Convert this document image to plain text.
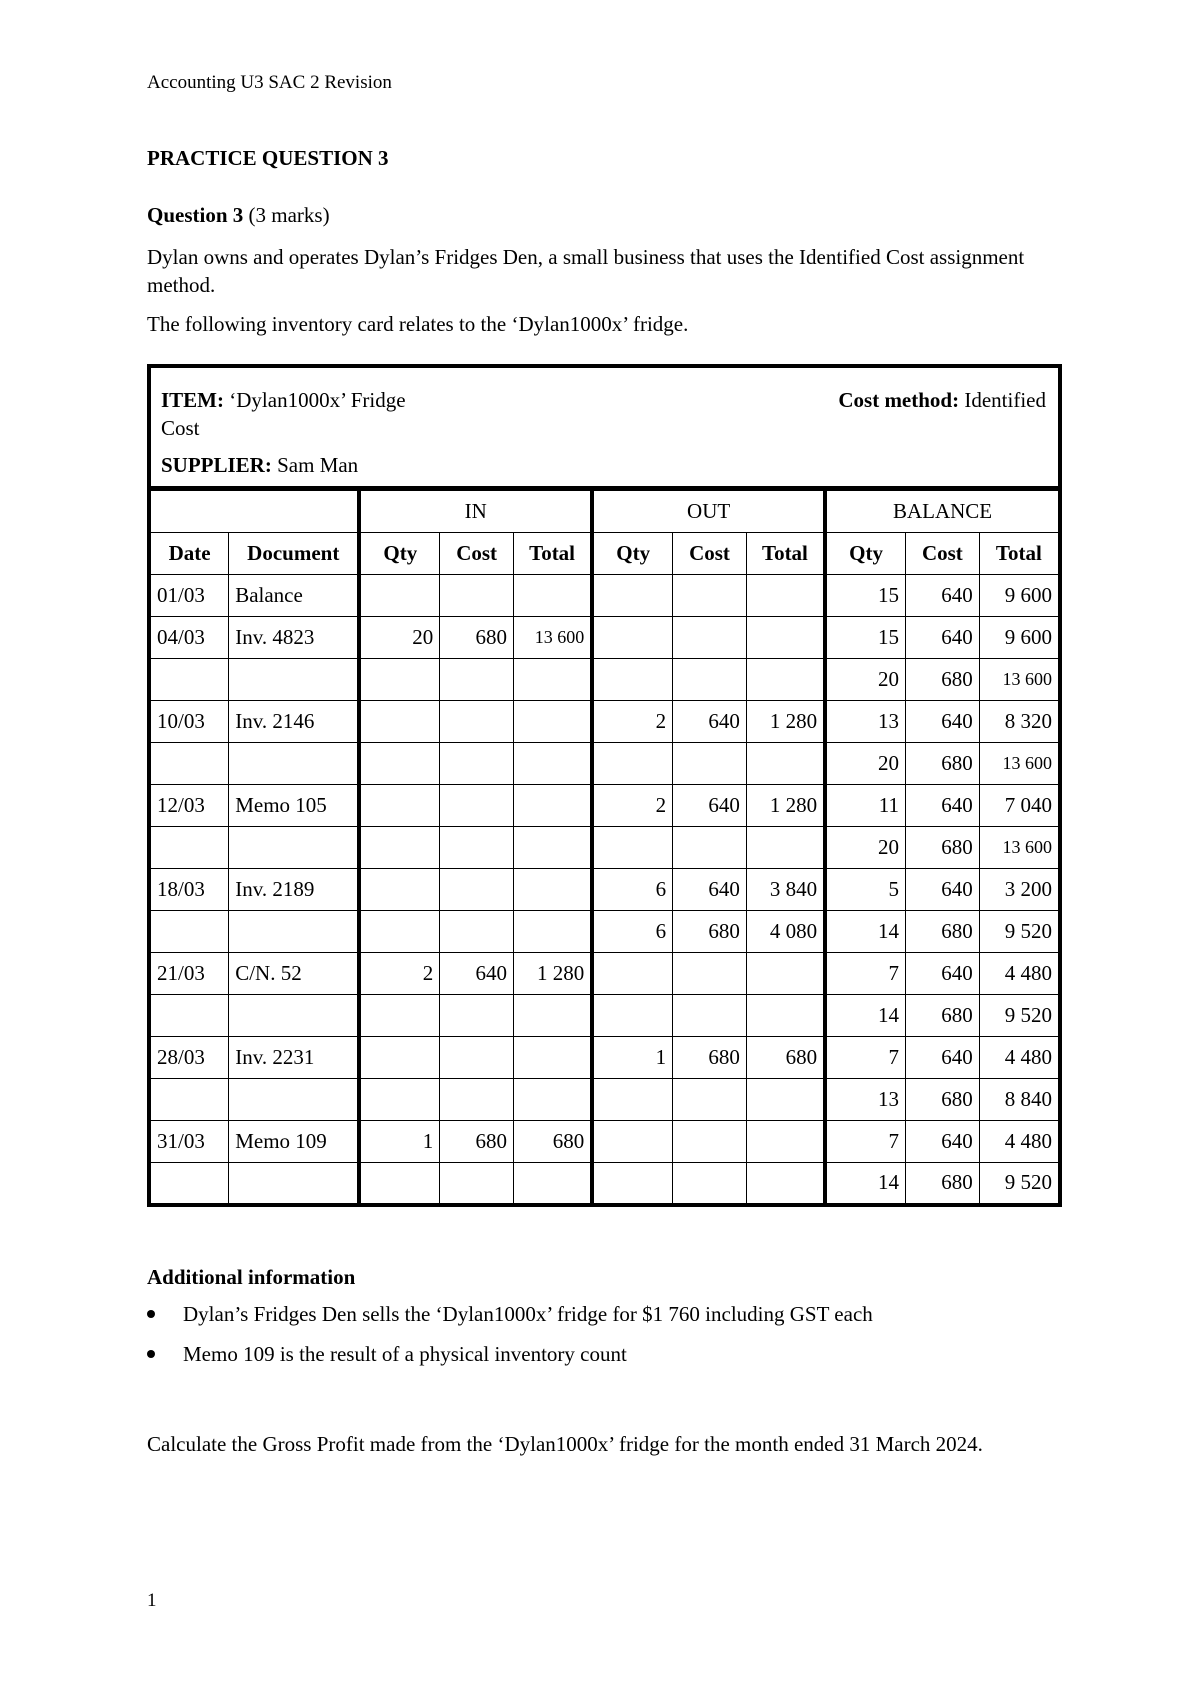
Accounting U3 SAC 2 Revision
PRACTICE QUESTION 3
Question 3 (3 marks)
Dylan owns and operates Dylan’s Fridges Den, a small business that uses the Identified Cost assignment method.
The following inventory card relates to the ‘Dylan1000x’ fridge.
ITEM: ‘Dylan1000x’ Fridge
Cost
Cost method: Identified
SUPPLIER: Sam Man
		IN			OUT			BALANCE		
Date	Document	Qty	Cost	Total	Qty	Cost	Total	Qty	Cost	Total
01/03	Balance							15	640	9 600
04/03	Inv. 4823	20	680	13 600				15	640	9 600
								20	680	13 600
10/03	Inv. 2146				2	640	1 280	13	640	8 320
								20	680	13 600
12/03	Memo 105				2	640	1 280	11	640	7 040
								20	680	13 600
18/03	Inv. 2189				6	640	3 840	5	640	3 200
					6	680	4 080	14	680	9 520
21/03	C/N. 52	2	640	1 280				7	640	4 480
								14	680	9 520
28/03	Inv. 2231				1	680	680	7	640	4 480
								13	680	8 840
31/03	Memo 109	1	680	680				7	640	4 480
								14	680	9 520
Additional information
Dylan’s Fridges Den sells the ‘Dylan1000x’ fridge for $1 760 including GST each
Memo 109 is the result of a physical inventory count
Calculate the Gross Profit made from the ‘Dylan1000x’ fridge for the month ended 31 March 2024.
1
